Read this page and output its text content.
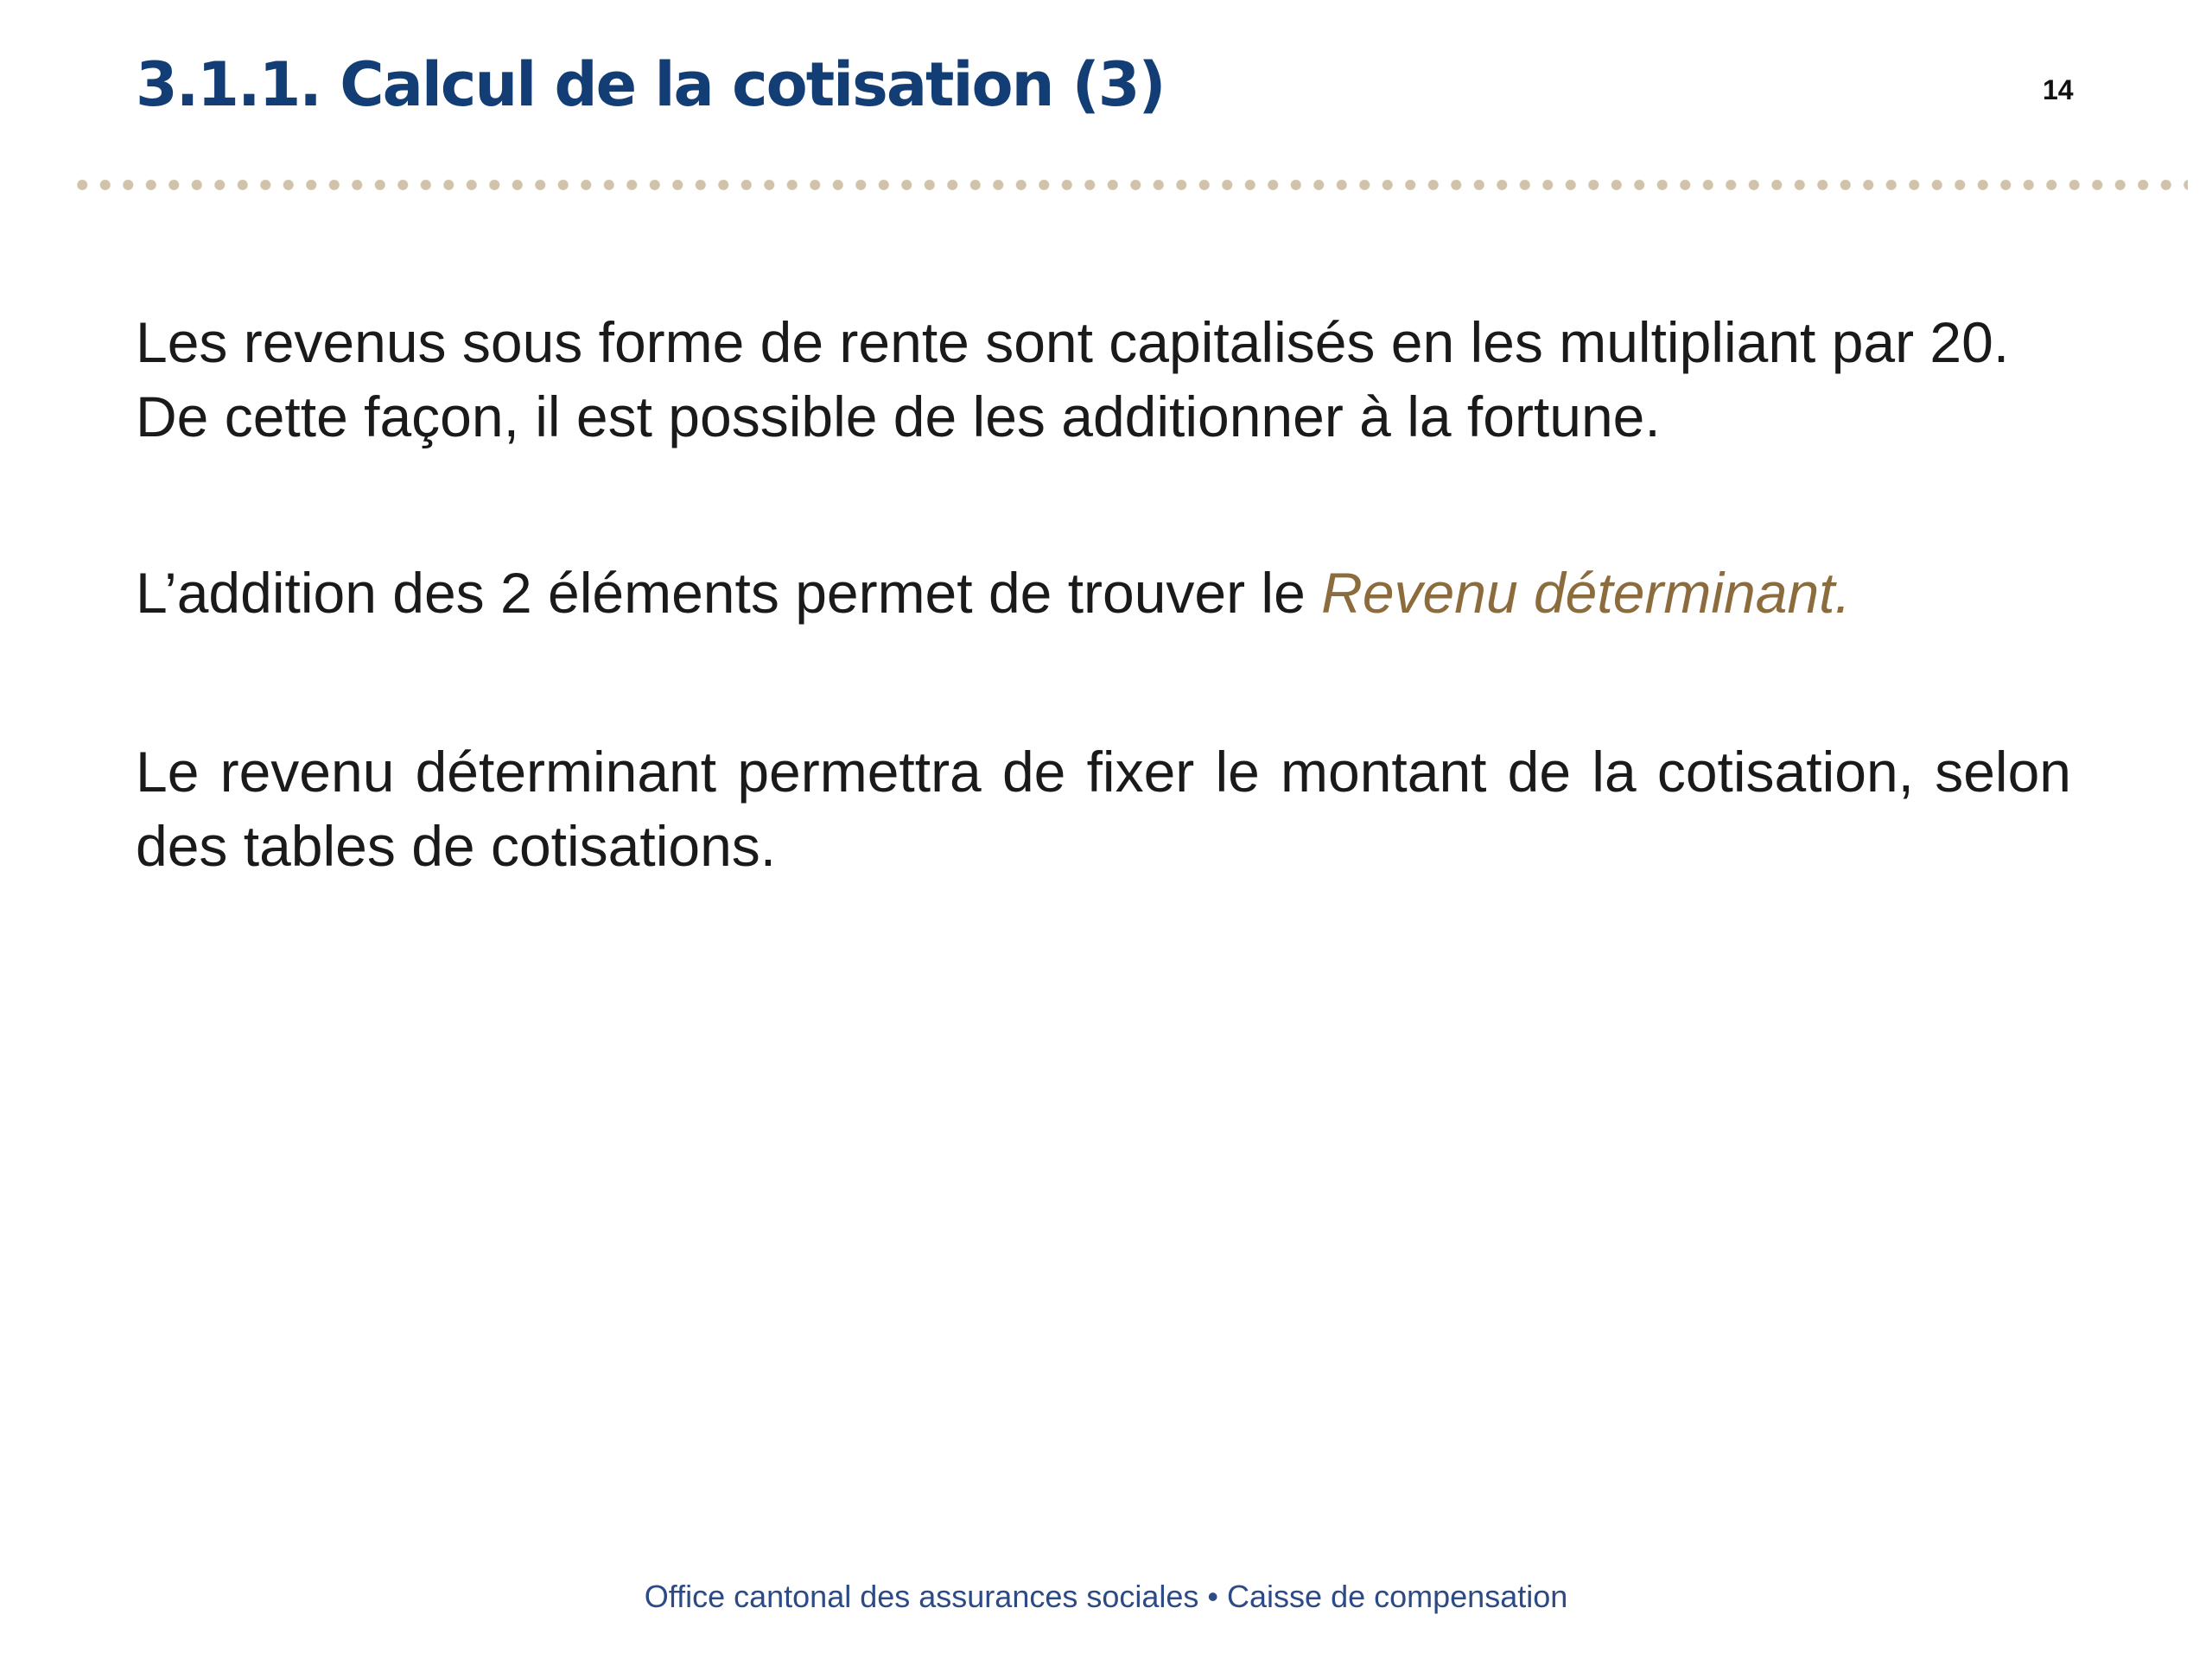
3.1.1. Calcul de la cotisation (3)	14

Les revenus sous forme de rente sont capitalisés en les multipliant par 20. De cette façon, il est possible de les additionner à la fortune.

L’addition des 2 éléments permet de trouver le Revenu déterminant.

Le revenu déterminant permettra de fixer le montant de la cotisation, selon des tables de cotisations.

Office cantonal des assurances sociales • Caisse de compensation
